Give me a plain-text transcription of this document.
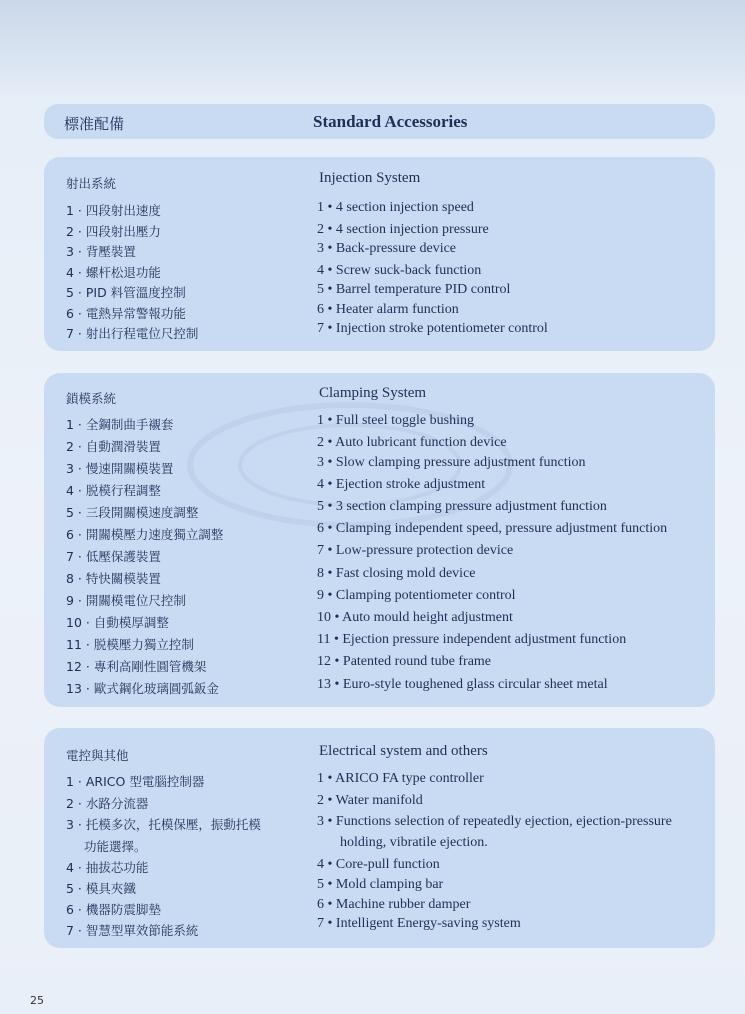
標准配備	Standard Accessories
射出系統	Injection System
1 · 四段射出速度
2 · 四段射出壓力
3 · 背壓裝置
4 · 螺杆松退功能
5 · PID 料管溫度控制
6 · 電熱异常警報功能
7 · 射出行程電位尺控制
1 • 4 section injection speed
2 • 4 section injection pressure
3 • Back-pressure device
4 • Screw suck-back function
5 • Barrel temperature PID control
6 • Heater alarm function
7 • Injection stroke potentiometer control
鎖模系統	Clamping System
1 · 全鋼制曲手襯套
2 · 自動潤滑裝置
3 · 慢速開關模裝置
4 · 脱模行程調整
5 · 三段開關模速度調整
6 · 開關模壓力速度獨立調整
7 · 低壓保護裝置
8 · 特快關模裝置
9 · 開關模電位尺控制
10 · 自動模厚調整
11 · 脱模壓力獨立控制
12 · 專利高剛性圓管機架
13 · 歐式鋼化玻璃圓弧鈑金
1 • Full steel toggle bushing
2 • Auto lubricant function device
3 • Slow clamping pressure adjustment function
4 • Ejection stroke adjustment
5 • 3 section clamping pressure adjustment function
6 • Clamping independent speed, pressure adjustment function
7 • Low-pressure protection device
8 • Fast closing mold device
9 • Clamping potentiometer control
10 • Auto mould height adjustment
11 • Ejection pressure independent adjustment function
12 • Patented round tube frame
13 • Euro-style toughened glass circular sheet metal
電控與其他	Electrical system and others
1 · ARICO 型電腦控制器
2 · 水路分流器
3 · 托模多次，托模保壓，振動托模
功能選擇。
4 · 抽拔芯功能
5 · 模具夾鐵
6 · 機器防震脚墊
7 · 智慧型單效節能系統
1 • ARICO FA type controller
2 • Water manifold
3 • Functions selection of repeatedly ejection, ejection-pressure
holding, vibratile ejection.
4 • Core-pull function
5 • Mold clamping bar
6 • Machine rubber damper
7 • Intelligent Energy-saving system
25
